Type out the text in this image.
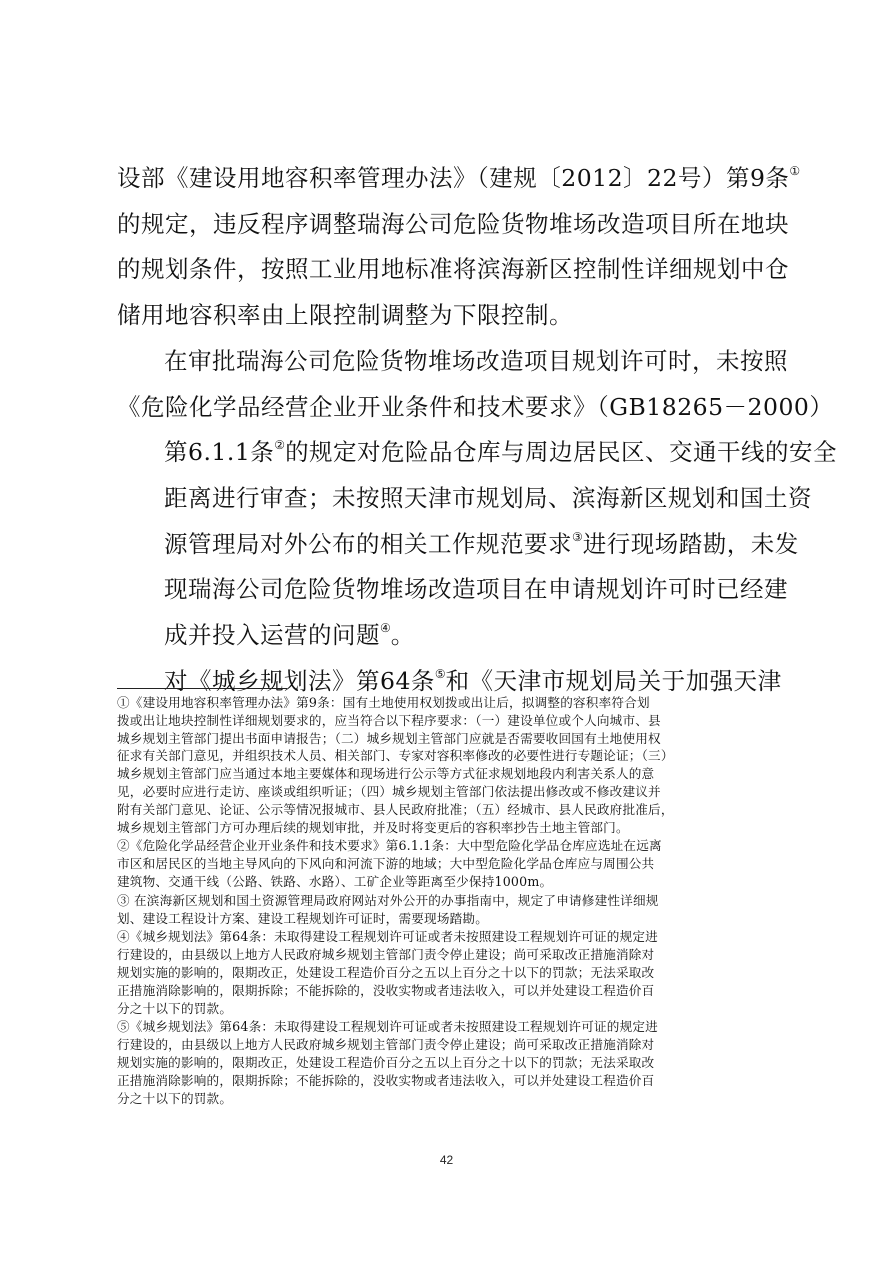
设部《建设用地容积率管理办法》（建规〔2012〕22号）第9条①
的规定，违反程序调整瑞海公司危险货物堆场改造项目所在地块
的规划条件，按照工业用地标准将滨海新区控制性详细规划中仓
储用地容积率由上限控制调整为下限控制。

在审批瑞海公司危险货物堆场改造项目规划许可时，未按照
《危险化学品经营企业开业条件和技术要求》（GB18265－2000）
第6.1.1条②的规定对危险品仓库与周边居民区、交通干线的安全
距离进行审查；未按照天津市规划局、滨海新区规划和国土资
源管理局对外公布的相关工作规范要求③进行现场踏勘，未发
现瑞海公司危险货物堆场改造项目在申请规划许可时已经建
成并投入运营的问题④。

对《城乡规划法》第64条⑤和《天津市规划局关于加强天津

①《建设用地容积率管理办法》第9条：国有土地使用权划拨或出让后，拟调整的容积率符合划
拨或出让地块控制性详细规划要求的，应当符合以下程序要求：（一）建设单位或个人向城市、县
城乡规划主管部门提出书面申请报告；（二）城乡规划主管部门应就是否需要收回国有土地使用权
征求有关部门意见，并组织技术人员、相关部门、专家对容积率修改的必要性进行专题论证；（三）
城乡规划主管部门应当通过本地主要媒体和现场进行公示等方式征求规划地段内利害关系人的意
见，必要时应进行走访、座谈或组织听证；（四）城乡规划主管部门依法提出修改或不修改建议并
附有关部门意见、论证、公示等情况报城市、县人民政府批准；（五）经城市、县人民政府批准后，
城乡规划主管部门方可办理后续的规划审批，并及时将变更后的容积率抄告土地主管部门。

②《危险化学品经营企业开业条件和技术要求》第6.1.1条：大中型危险化学品仓库应选址在远离
市区和居民区的当地主导风向的下风向和河流下游的地域；大中型危险化学品仓库应与周围公共
建筑物、交通干线（公路、铁路、水路）、工矿企业等距离至少保持1000m。

③ 在滨海新区规划和国土资源管理局政府网站对外公开的办事指南中，规定了申请修建性详细规
划、建设工程设计方案、建设工程规划许可证时，需要现场踏勘。

④《城乡规划法》第64条：未取得建设工程规划许可证或者未按照建设工程规划许可证的规定进
行建设的，由县级以上地方人民政府城乡规划主管部门责令停止建设；尚可采取改正措施消除对
规划实施的影响的，限期改正，处建设工程造价百分之五以上百分之十以下的罚款；无法采取改
正措施消除影响的，限期拆除；不能拆除的，没收实物或者违法收入，可以并处建设工程造价百
分之十以下的罚款。

⑤《城乡规划法》第64条：未取得建设工程规划许可证或者未按照建设工程规划许可证的规定进
行建设的，由县级以上地方人民政府城乡规划主管部门责令停止建设；尚可采取改正措施消除对
规划实施的影响的，限期改正，处建设工程造价百分之五以上百分之十以下的罚款；无法采取改
正措施消除影响的，限期拆除；不能拆除的，没收实物或者违法收入，可以并处建设工程造价百
分之十以下的罚款。

42
